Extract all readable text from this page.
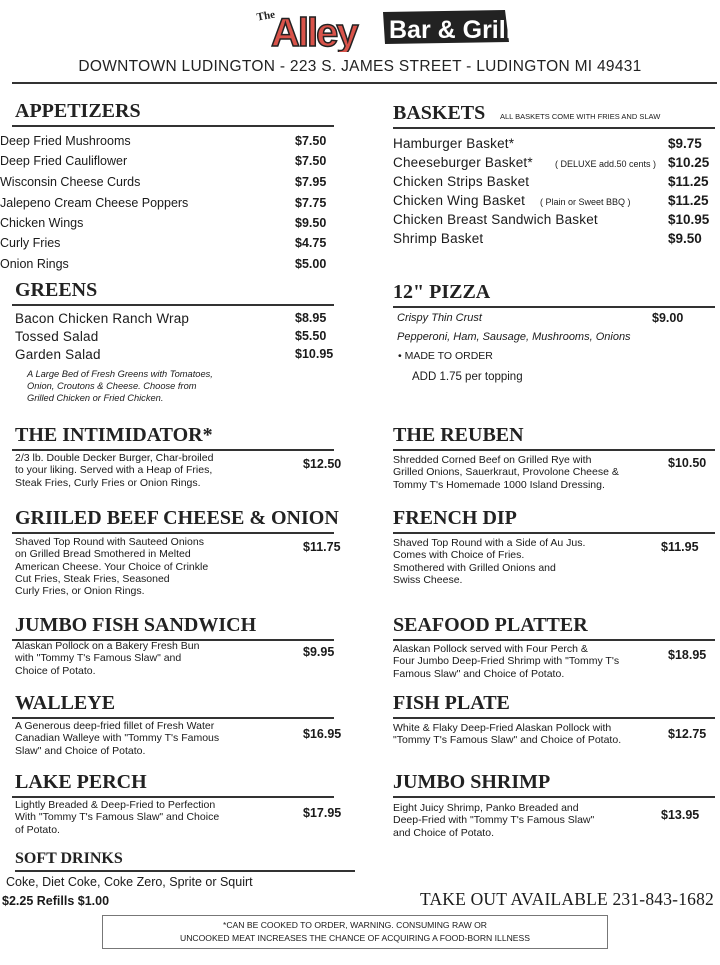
The
Alley Bar & Grill
DOWNTOWN LUDINGTON - 223 S. JAMES STREET - LUDINGTON MI 49431
APPETIZERS
Deep Fried Mushrooms	$7.50
Deep Fried Cauliflower	$7.50
Wisconsin Cheese Curds	$7.95
Jalepeno Cream Cheese Poppers	$7.75
Chicken Wings	$9.50
Curly Fries	$4.75
Onion Rings	$5.00
GREENS
Bacon Chicken Ranch Wrap	$8.95
Tossed Salad	$5.50
Garden Salad	$10.95
A Large Bed of Fresh Greens with Tomatoes,
Onion, Croutons & Cheese. Choose from
Grilled Chicken or Fried Chicken.
THE INTIMIDATOR*
2/3 lb. Double Decker Burger, Char-broiled
to your liking. Served with a Heap of Fries,
Steak Fries, Curly Fries or Onion Rings.
$12.50
GRIILED BEEF CHEESE & ONION
Shaved Top Round with Sauteed Onions
on Grilled Bread Smothered in Melted
American Cheese. Your Choice of Crinkle
Cut Fries, Steak Fries, Seasoned
Curly Fries, or Onion Rings.
$11.75
JUMBO FISH SANDWICH
Alaskan Pollock on a Bakery Fresh Bun
with "Tommy T's Famous Slaw" and
Choice of Potato.
$9.95
WALLEYE
A Generous deep-fried fillet of Fresh Water
Canadian Walleye with "Tommy T's Famous
Slaw" and Choice of Potato.
$16.95
LAKE PERCH
Lightly Breaded & Deep-Fried to Perfection
With "Tommy T's Famous Slaw" and Choice
of Potato.
$17.95
BASKETS ALL BASKETS COME WITH FRIES AND SLAW
Hamburger Basket*	$9.75
Cheeseburger Basket* ( DELUXE add.50 cents ) $10.25
Chicken Strips Basket	$11.25
Chicken Wing Basket ( Plain or Sweet BBQ )	$11.25
Chicken Breast Sandwich Basket	$10.95
Shrimp Basket	$9.50
12" PIZZA
Crispy Thin Crust	$9.00
Pepperoni, Ham, Sausage, Mushrooms, Onions
• MADE TO ORDER
ADD 1.75 per topping
THE REUBEN
Shredded Corned Beef on Grilled Rye with
Grilled Onions, Sauerkraut, Provolone Cheese &
Tommy T's Homemade 1000 Island Dressing.
$10.50
FRENCH DIP
Shaved Top Round with a Side of Au Jus.
Comes with Choice of Fries.
Smothered with Grilled Onions and
Swiss Cheese.
$11.95
SEAFOOD PLATTER
Alaskan Pollock served with Four Perch &
Four Jumbo Deep-Fried Shrimp with "Tommy T's
Famous Slaw" and Choice of Potato.
$18.95
FISH PLATE
White & Flaky Deep-Fried Alaskan Pollock with
"Tommy T's Famous Slaw" and Choice of Potato.	$12.75
JUMBO SHRIMP
Eight Juicy Shrimp, Panko Breaded and
Deep-Fried with "Tommy T's Famous Slaw"
and Choice of Potato.
$13.95
SOFT DRINKS
Coke, Diet Coke, Coke Zero, Sprite or Squirt
$2.25 Refills $1.00	TAKE OUT AVAILABLE 231-843-1682
*CAN BE COOKED TO ORDER, WARNING. CONSUMING RAW OR
UNCOOKED MEAT INCREASES THE CHANCE OF ACQUIRING A FOOD-BORN ILLNESS
